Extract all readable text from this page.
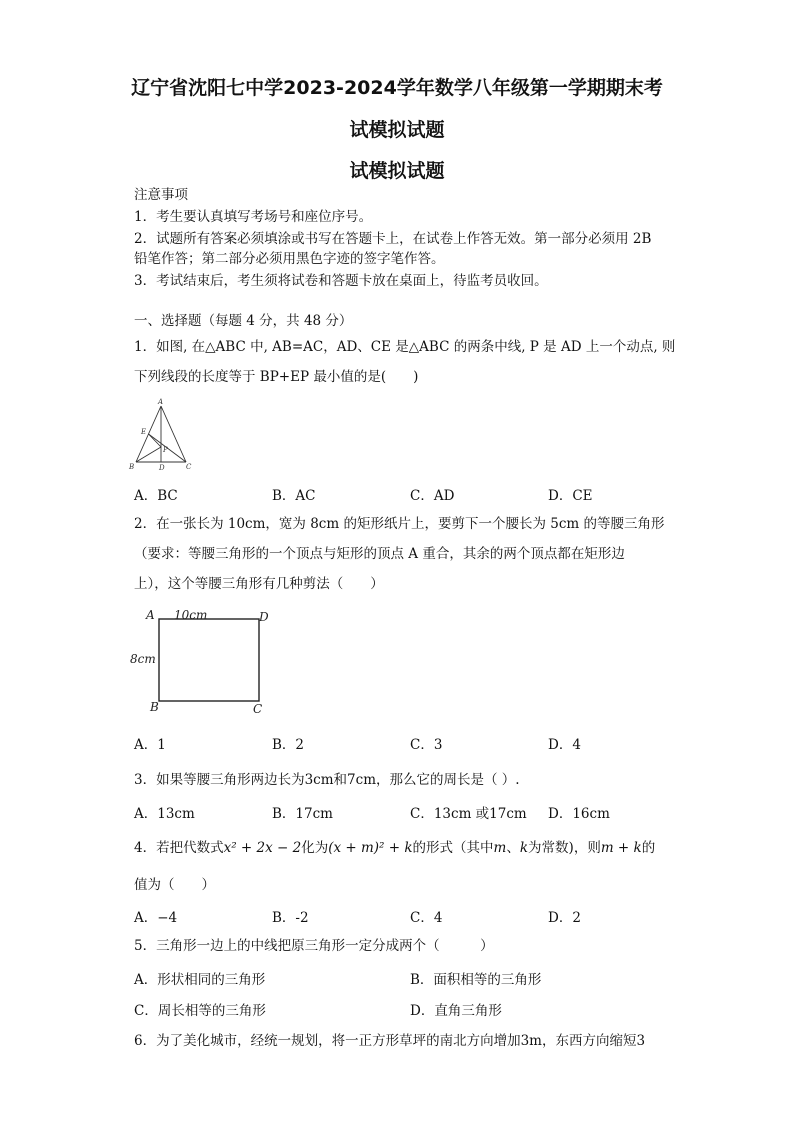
辽宁省沈阳七中学2023-2024学年数学八年级第一学期期末考
试模拟试题
试模拟试题
注意事项
1．考生要认真填写考场号和座位序号。
2．试题所有答案必须填涂或书写在答题卡上，在试卷上作答无效。第一部分必须用 2B
铅笔作答；第二部分必须用黑色字迹的签字笔作答。
3．考试结束后，考生须将试卷和答题卡放在桌面上，待监考员收回。
一、选择题（每题 4 分，共 48 分）
1．如图, 在△ABC 中, AB=AC，AD、CE 是△ABC 的两条中线, P 是 AD 上一个动点, 则
下列线段的长度等于 BP+EP 最小值的是(　　)
A
B	C
D
E
P
A．BC	B．AC	C．AD	D．CE
2．在一张长为 10cm，宽为 8cm 的矩形纸片上，要剪下一个腰长为 5cm 的等腰三角形
（要求：等腰三角形的一个顶点与矩形的顶点 A 重合，其余的两个顶点都在矩形边
上），这个等腰三角形有几种剪法（　　）
A 10cm	D
8cm
B	C
A．1	B．2	C．3	D．4
3．如果等腰三角形两边长为3cm和7cm，那么它的周长是（ ）.
A．13cm	B．17cm	C．13cm 或17cm D．16cm
4．若把代数式x² + 2x − 2化为(x + m)² + k的形式（其中m、k为常数)，则m + k的
值为（　　）
A．−4	B．-2	C．4	D．2
5．三角形一边上的中线把原三角形一定分成两个（　　　）
A．形状相同的三角形	B．面积相等的三角形
C．周长相等的三角形	D．直角三角形
6．为了美化城市，经统一规划，将一正方形草坪的南北方向增加3m，东西方向缩短3
